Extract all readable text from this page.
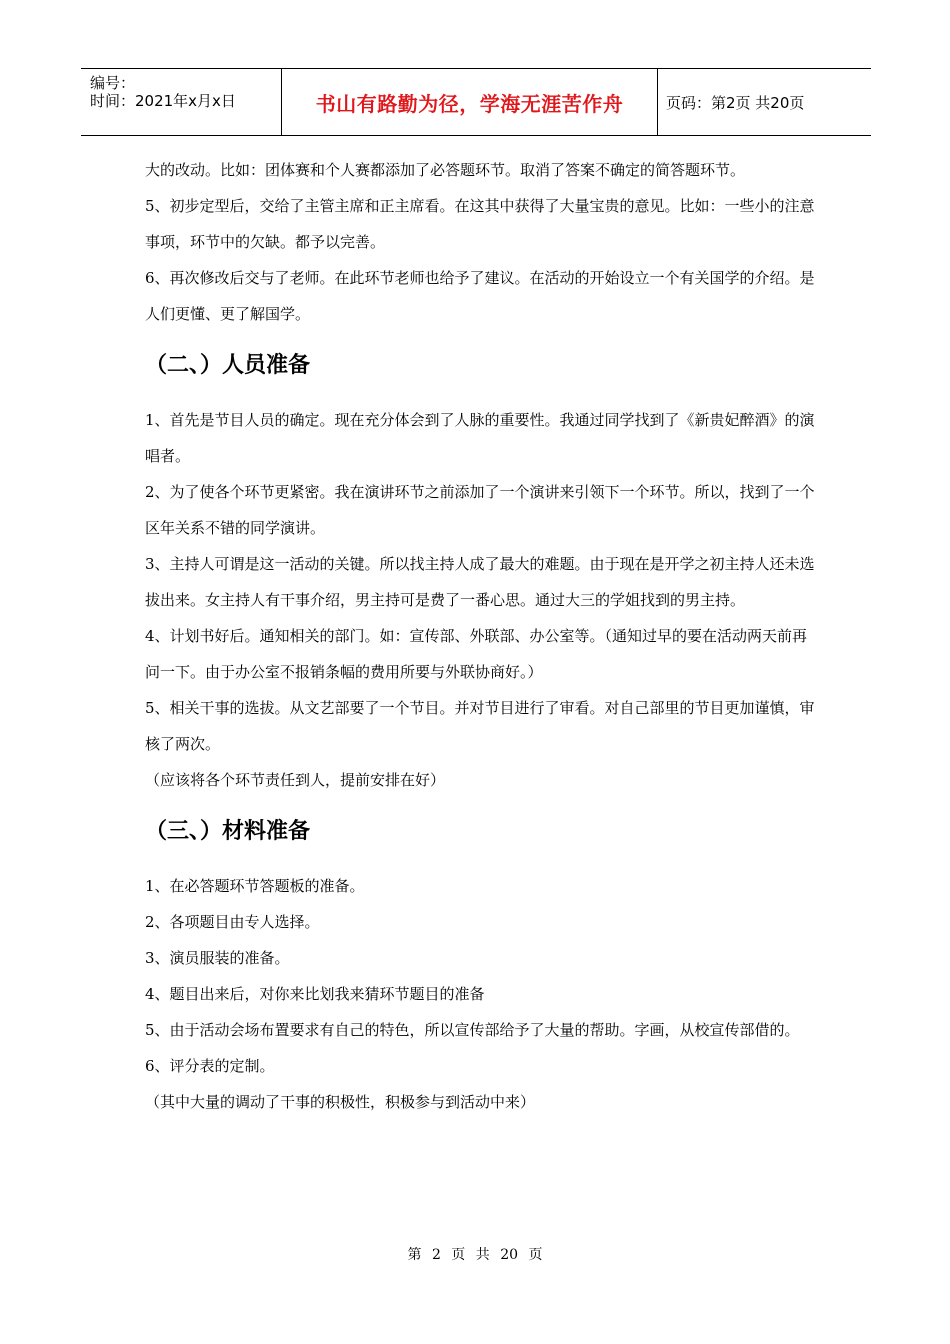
编号：
时间：2021年x月x日	书山有路勤为径，学海无涯苦作舟	页码：第2页 共20页

大的改动。比如：团体赛和个人赛都添加了必答题环节。取消了答案不确定的简答题环节。

5、初步定型后，交给了主管主席和正主席看。在这其中获得了大量宝贵的意见。比如：一些小的注意事项，环节中的欠缺。都予以完善。

6、再次修改后交与了老师。在此环节老师也给予了建议。在活动的开始设立一个有关国学的介绍。是人们更懂、更了解国学。

（二、）人员准备

1、首先是节目人员的确定。现在充分体会到了人脉的重要性。我通过同学找到了《新贵妃醉酒》的演唱者。

2、为了使各个环节更紧密。我在演讲环节之前添加了一个演讲来引领下一个环节。所以，找到了一个区年关系不错的同学演讲。

3、主持人可谓是这一活动的关键。所以找主持人成了最大的难题。由于现在是开学之初主持人还未选拔出来。女主持人有干事介绍，男主持可是费了一番心思。通过大三的学姐找到的男主持。

4、计划书好后。通知相关的部门。如：宣传部、外联部、办公室等。（通知过早的要在活动两天前再问一下。由于办公室不报销条幅的费用所要与外联协商好。）

5、相关干事的选拔。从文艺部要了一个节目。并对节目进行了审看。对自己部里的节目更加谨慎，审核了两次。

（应该将各个环节责任到人，提前安排在好）

（三、）材料准备

1、在必答题环节答题板的准备。

2、各项题目由专人选择。

3、演员服装的准备。

4、题目出来后，对你来比划我来猜环节题目的准备

5、由于活动会场布置要求有自己的特色，所以宣传部给予了大量的帮助。字画，从校宣传部借的。

6、评分表的定制。

（其中大量的调动了干事的积极性，积极参与到活动中来）

第 2 页 共 20 页
